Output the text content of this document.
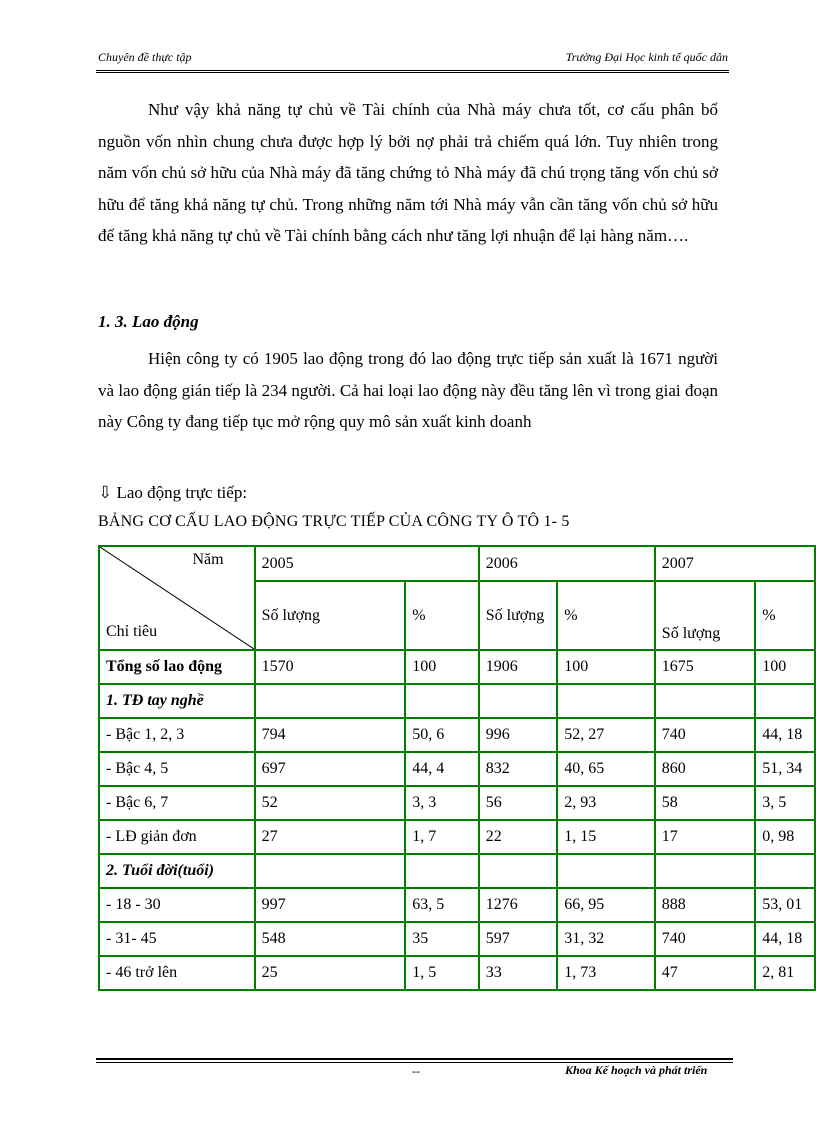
Chuyên đề thực tập	Trường Đại Học kinh tế quốc dân

Như vậy khả năng tự chủ về Tài chính của Nhà máy chưa tốt, cơ cấu phân bổ nguồn vốn nhìn chung chưa được hợp lý bởi nợ phải trả chiếm quá lớn. Tuy nhiên trong năm vốn chủ sở hữu của Nhà máy đã tăng chứng tỏ Nhà máy đã chú trọng tăng vốn chủ sở hữu để tăng khả năng tự chủ. Trong những năm tới Nhà máy vẫn cần tăng vốn chủ sở hữu để tăng khả năng tự chủ về Tài chính bằng cách như tăng lợi nhuận để lại hàng năm….

1. 3. Lao động

Hiện công ty có 1905 lao động trong đó lao động trực tiếp sản xuất là 1671 người và lao động gián tiếp là 234 người. Cả hai loại lao động này đều tăng lên vì trong giai đoạn này Công ty đang tiếp tục mở rộng quy mô sản xuất kinh doanh

⇩ Lao động trực tiếp:
BẢNG CƠ CẤU LAO ĐỘNG TRỰC TIẾP CỦA CÔNG TY Ô TÔ 1- 5
Năm
Chỉ tiêu	2005		2006		2007	
	Số lượng	%	Số lượng	%	Số lượng	%
Tổng số lao động	1570	100	1906	100	1675	100
1. TĐ tay nghề						
- Bậc 1, 2, 3	794	50, 6	996	52, 27	740	44, 18
- Bậc 4, 5	697	44, 4	832	40, 65	860	51, 34
- Bậc 6, 7	52	3, 3	56	2, 93	58	3, 5
- LĐ giản đơn	27	1, 7	22	1, 15	17	0, 98
2. Tuổi đời(tuổi)						
- 18 - 30	997	63, 5	1276	66, 95	888	53, 01
- 31- 45	548	35	597	31, 32	740	44, 18
- 46 trở lên	25	1, 5	33	1, 73	47	2, 81
--	Khoa Kế hoạch và phát triển
